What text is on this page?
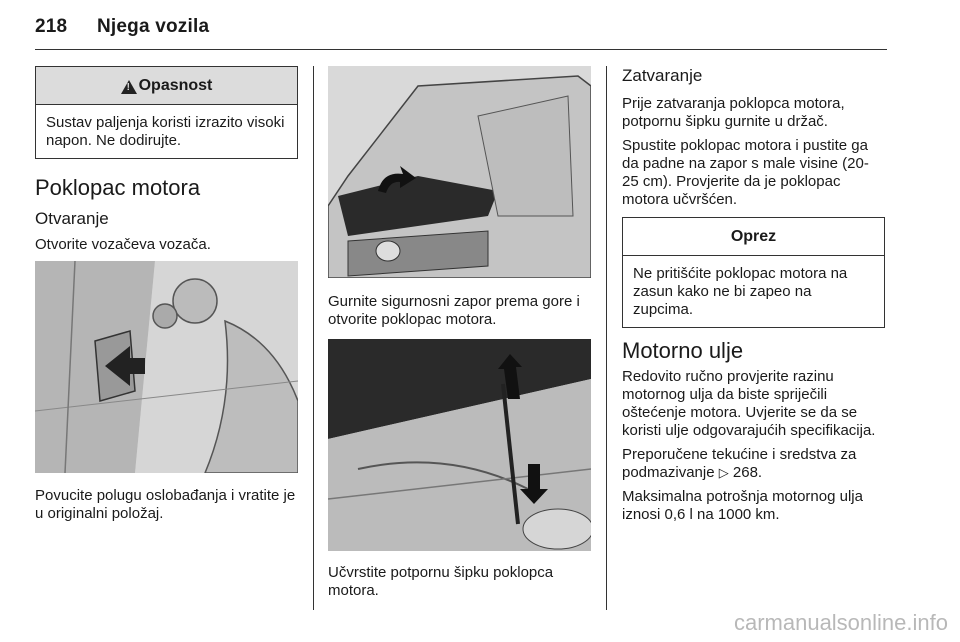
218 Njega vozila
!
Opasnost
Sustav paljenja koristi izrazito visoki napon. Ne dodirujte.
Poklopac motora
Otvaranje

Otvorite vozačeva vozača.

Povucite polugu oslobađanja i vratite je u originalni položaj.

Gurnite sigurnosni zapor prema gore i otvorite poklopac motora.

Učvrstite potpornu šipku poklopca motora.

Zatvaranje

Prije zatvaranja poklopca motora, potpornu šipku gurnite u držač.

Spustite poklopac motora i pustite ga da padne na zapor s male visine (20-25 cm). Provjerite da je poklopac motora učvršćen.

Oprez
Ne pritišćite poklopac motora na zasun kako ne bi zapeo na zupcima.
Motorno ulje

Redovito ručno provjerite razinu motornog ulja da biste spriječili oštećenje motora. Uvjerite se da se koristi ulje odgovarajućih specifikacija.

Preporučene tekućine i sredstva za podmazivanje ▷ 268.

Maksimalna potrošnja motornog ulja iznosi 0,6 l na 1000 km.

carmanualsonline.info
